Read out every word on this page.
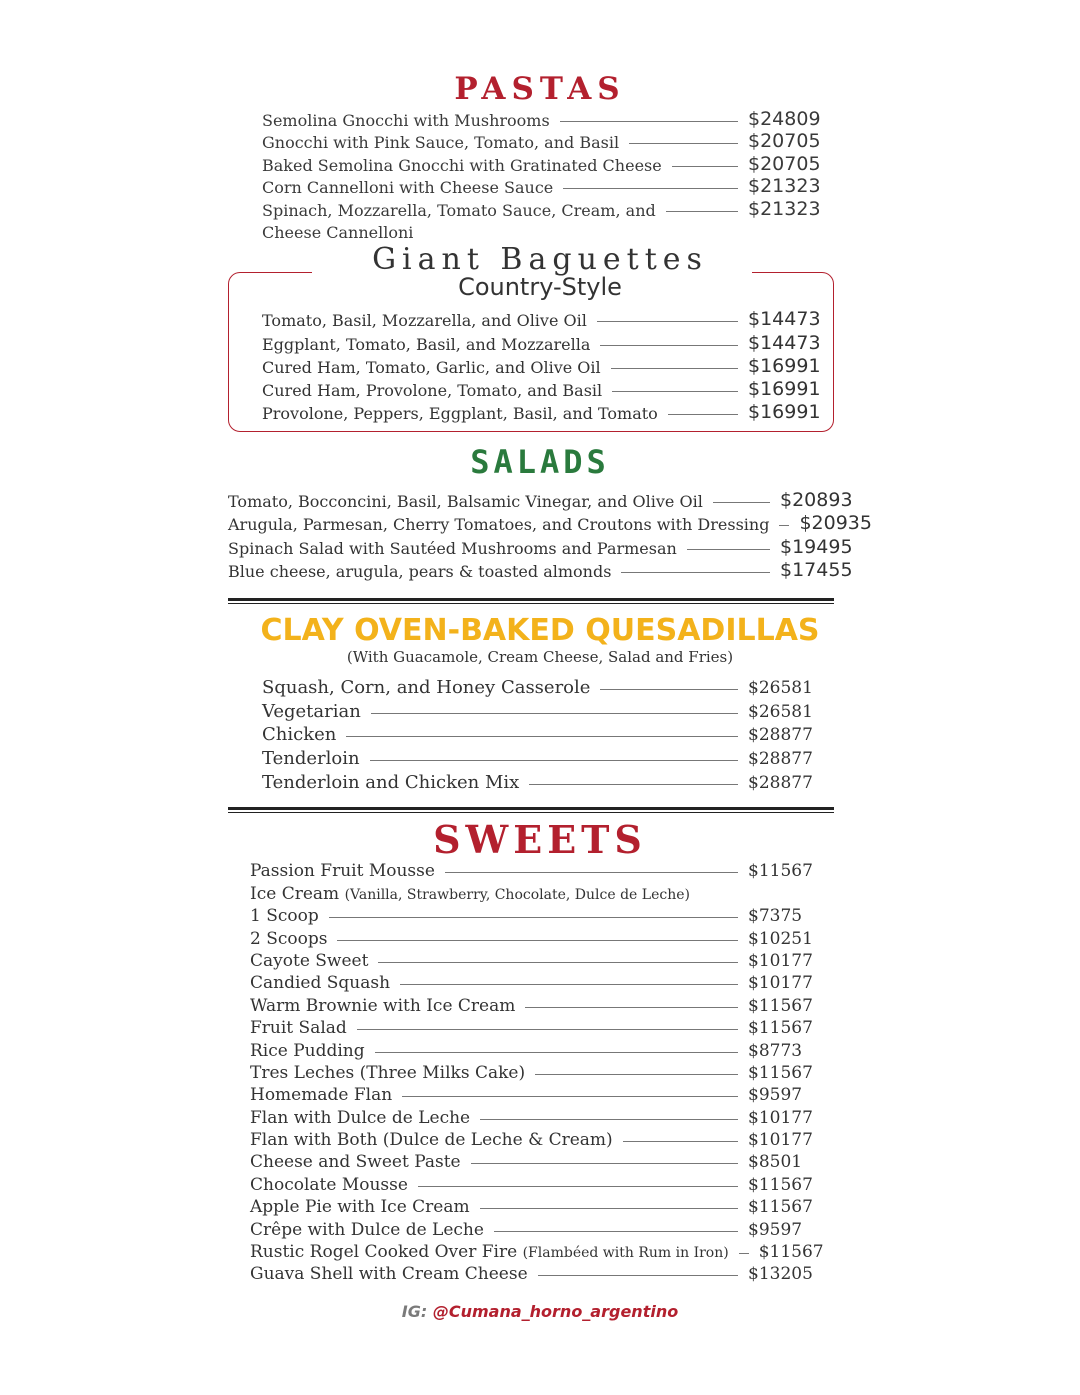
PASTAS
Semolina Gnocchi with Mushrooms	$24809
Gnocchi with Pink Sauce, Tomato, and Basil	$20705
Baked Semolina Gnocchi with Gratinated Cheese	$20705
Corn Cannelloni with Cheese Sauce	$21323
Spinach, Mozzarella, Tomato Sauce, Cream, and	$21323
Cheese Cannelloni
Giant Baguettes
Country-Style
Tomato, Basil, Mozzarella, and Olive Oil	$14473
Eggplant, Tomato, Basil, and Mozzarella	$14473
Cured Ham, Tomato, Garlic, and Olive Oil	$16991
Cured Ham, Provolone, Tomato, and Basil	$16991
Provolone, Peppers, Eggplant, Basil, and Tomato	$16991
SALADS
Tomato, Bocconcini, Basil, Balsamic Vinegar, and Olive Oil	$20893
Arugula, Parmesan, Cherry Tomatoes, and Croutons with Dressing $20935
Spinach Salad with Sautéed Mushrooms and Parmesan	$19495
Blue cheese, arugula, pears & toasted almonds	$17455
CLAY OVEN-BAKED QUESADILLAS
(With Guacamole, Cream Cheese, Salad and Fries)
Squash, Corn, and Honey Casserole	$26581
Vegetarian	$26581
Chicken	$28877
Tenderloin	$28877
Tenderloin and Chicken Mix	$28877
SWEETS
Passion Fruit Mousse	$11567
Ice Cream (Vanilla, Strawberry, Chocolate, Dulce de Leche)
1 Scoop	$7375
2 Scoops	$10251
Cayote Sweet	$10177
Candied Squash	$10177
Warm Brownie with Ice Cream	$11567
Fruit Salad	$11567
Rice Pudding	$8773
Tres Leches (Three Milks Cake)	$11567
Homemade Flan	$9597
Flan with Dulce de Leche	$10177
Flan with Both (Dulce de Leche & Cream)	$10177
Cheese and Sweet Paste	$8501
Chocolate Mousse	$11567
Apple Pie with Ice Cream	$11567
Crêpe with Dulce de Leche	$9597
Rustic Rogel Cooked Over Fire (Flambéed with Rum in Iron) $11567
Guava Shell with Cream Cheese	$13205
IG: @Cumana_horno_argentino
